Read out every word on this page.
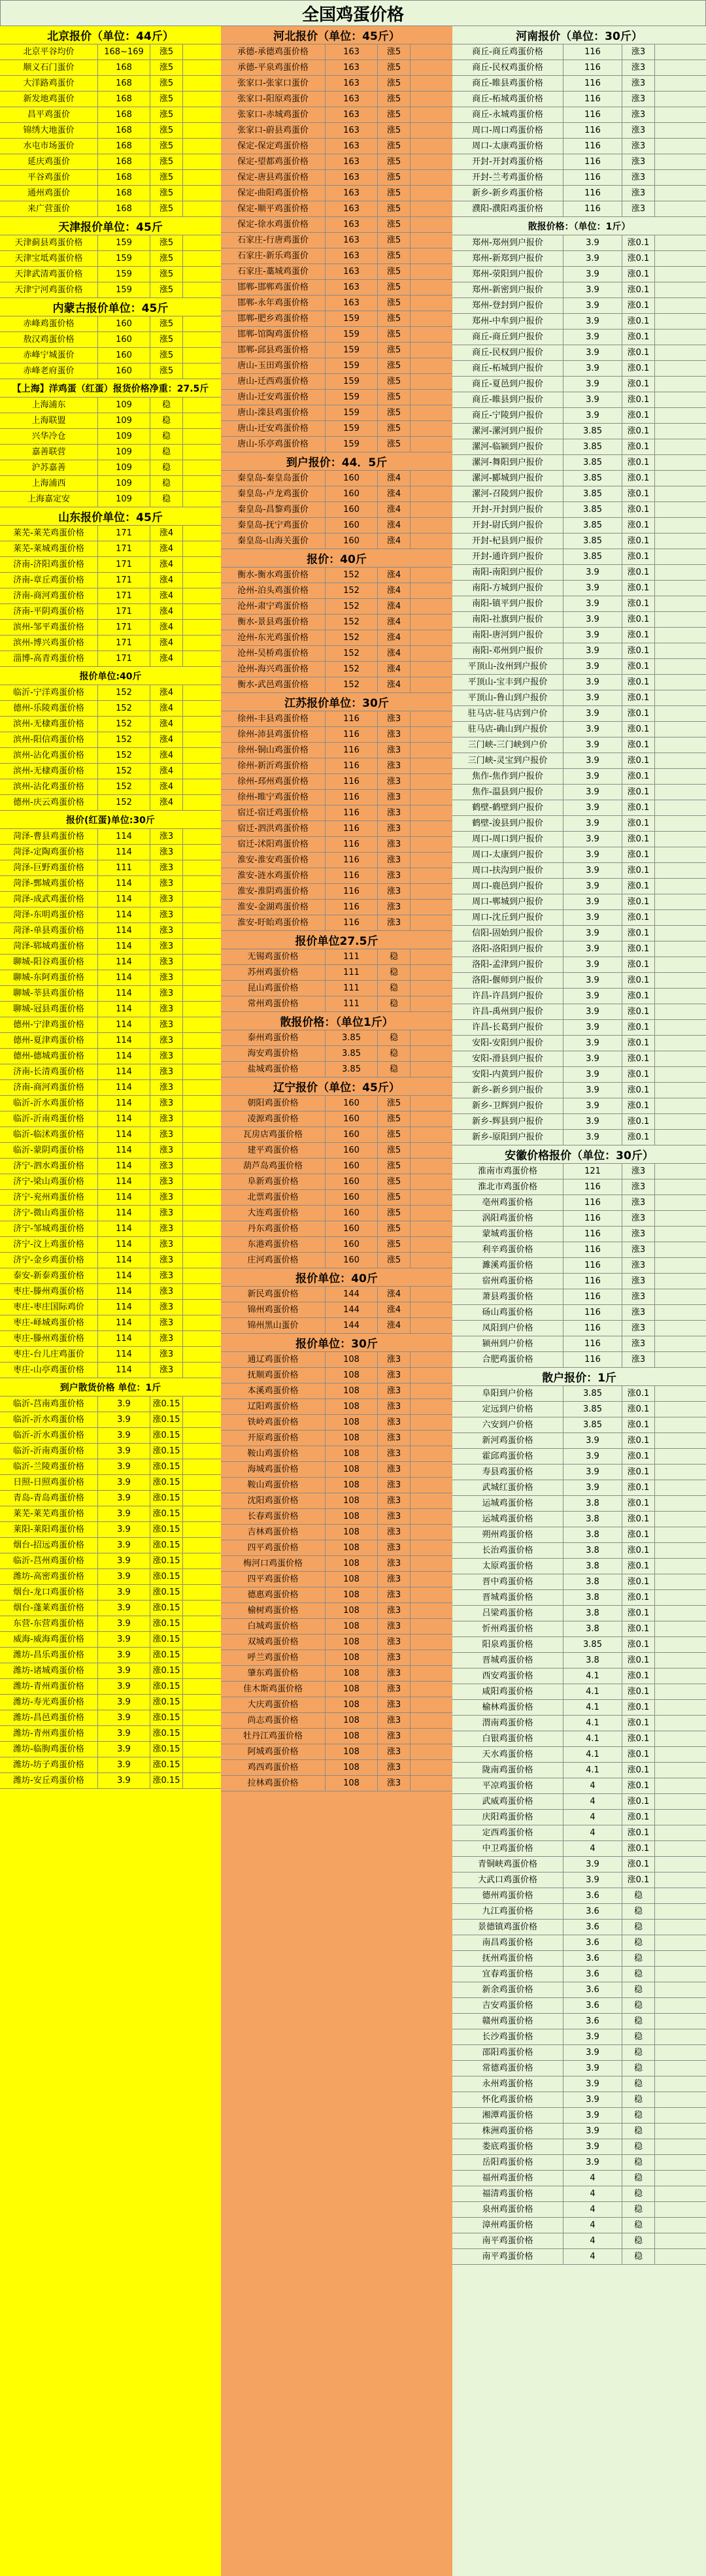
全国鸡蛋价格
北京报价（单位：44斤）
北京平谷均价	168~169	涨5
顺义石门蛋价	168	涨5
大洋路鸡蛋价	168	涨5
新发地鸡蛋价	168	涨5
昌平鸡蛋价	168	涨5
锦绣大地蛋价	168	涨5
水屯市场蛋价	168	涨5
延庆鸡蛋价	168	涨5
平谷鸡蛋价	168	涨5
通州鸡蛋价	168	涨5
来广营蛋价	168	涨5
天津报价单位：45斤
天津蓟县鸡蛋价格	159	涨5
天津宝坻鸡蛋价格	159	涨5
天津武清鸡蛋价格	159	涨5
天津宁河鸡蛋价格	159	涨5
内蒙古报价单位：45斤
赤峰鸡蛋价格	160	涨5
敖汉鸡蛋价格	160	涨5
赤峰宁城蛋价	160	涨5
赤峰老府蛋价	160	涨5
【上海】洋鸡蛋（红蛋）报货价格净重：27.5斤
上海浦东	109	稳
上海联盟	109	稳
兴华冷仓	109	稳
嘉善联营	109	稳
沪苏嘉善	109	稳
上海浦西	109	稳
上海嘉定安	109	稳
山东报价单位：45斤
莱芜-莱芜鸡蛋价格	171	涨4
莱芜-莱城鸡蛋价格	171	涨4
济南-济阳鸡蛋价格	171	涨4
济南-章丘鸡蛋价格	171	涨4
济南-商河鸡蛋价格	171	涨4
济南-平阴鸡蛋价格	171	涨4
滨州-邹平鸡蛋价格	171	涨4
滨州-博兴鸡蛋价格	171	涨4
淄博-高青鸡蛋价格	171	涨4
报价单位:40斤
临沂-宁洋鸡蛋价格	152	涨4
德州-乐陵鸡蛋价格	152	涨4
滨州-无棣鸡蛋价格	152	涨4
滨州-阳信鸡蛋价格	152	涨4
滨州-沾化鸡蛋价格	152	涨4
滨州-无棣鸡蛋价格	152	涨4
滨州-沾化鸡蛋价格	152	涨4
德州-庆云鸡蛋价格	152	涨4
报价(红蛋)单位:30斤
菏泽-曹县鸡蛋价格	114	涨3
菏泽-定陶鸡蛋价格	114	涨3
菏泽-巨野鸡蛋价格	111	涨3
菏泽-鄄城鸡蛋价格	114	涨3
菏泽-成武鸡蛋价格	114	涨3
菏泽-东明鸡蛋价格	114	涨3
菏泽-单县鸡蛋价格	114	涨3
菏泽-郓城鸡蛋价格	114	涨3
聊城-阳谷鸡蛋价格	114	涨3
聊城-东阿鸡蛋价格	114	涨3
聊城-莘县鸡蛋价格	114	涨3
聊城-冠县鸡蛋价格	114	涨3
德州-宁津鸡蛋价格	114	涨3
德州-夏津鸡蛋价格	114	涨3
德州-德城鸡蛋价格	114	涨3
济南-长清鸡蛋价格	114	涨3
济南-商河鸡蛋价格	114	涨3
临沂-沂水鸡蛋价格	114	涨3
临沂-沂南鸡蛋价格	114	涨3
临沂-临沭鸡蛋价格	114	涨3
临沂-蒙阴鸡蛋价格	114	涨3
济宁-泗水鸡蛋价格	114	涨3
济宁-梁山鸡蛋价格	114	涨3
济宁-兖州鸡蛋价格	114	涨3
济宁-微山鸡蛋价格	114	涨3
济宁-邹城鸡蛋价格	114	涨3
济宁-汶上鸡蛋价格	114	涨3
济宁-金乡鸡蛋价格	114	涨3
泰安-新泰鸡蛋价格	114	涨3
枣庄-滕州鸡蛋价格	114	涨3
枣庄-枣庄国际鸡价	114	涨3
枣庄-峄城鸡蛋价格	114	涨3
枣庄-滕州鸡蛋价格	114	涨3
枣庄-台儿庄鸡蛋价	114	涨3
枣庄-山亭鸡蛋价格	114	涨3
到户散货价格 单位：1斤
临沂-莒南鸡蛋价格	3.9	涨0.15
临沂-沂水鸡蛋价格	3.9	涨0.15
临沂-沂水鸡蛋价格	3.9	涨0.15
临沂-沂南鸡蛋价格	3.9	涨0.15
临沂-兰陵鸡蛋价格	3.9	涨0.15
日照-日照鸡蛋价格	3.9	涨0.15
青岛-青岛鸡蛋价格	3.9	涨0.15
莱芜-莱芜鸡蛋价格	3.9	涨0.15
莱阳-莱阳鸡蛋价格	3.9	涨0.15
烟台-招远鸡蛋价格	3.9	涨0.15
临沂-莒州鸡蛋价格	3.9	涨0.15
潍坊-高密鸡蛋价格	3.9	涨0.15
烟台-龙口鸡蛋价格	3.9	涨0.15
烟台-蓬莱鸡蛋价格	3.9	涨0.15
东营-东营鸡蛋价格	3.9	涨0.15
威海-威海鸡蛋价格	3.9	涨0.15
潍坊-昌乐鸡蛋价格	3.9	涨0.15
潍坊-诸城鸡蛋价格	3.9	涨0.15
潍坊-青州鸡蛋价格	3.9	涨0.15
潍坊-寿光鸡蛋价格	3.9	涨0.15
潍坊-昌邑鸡蛋价格	3.9	涨0.15
潍坊-青州鸡蛋价格	3.9	涨0.15
潍坊-临朐鸡蛋价格	3.9	涨0.15
潍坊-坊子鸡蛋价格	3.9	涨0.15
潍坊-安丘鸡蛋价格	3.9	涨0.15
河北报价（单位：45斤）
承德-承德鸡蛋价格	163	涨5
承德-平泉鸡蛋价格	163	涨5
张家口-张家口蛋价	163	涨5
张家口-阳原鸡蛋价	163	涨5
张家口-赤城鸡蛋价	163	涨5
张家口-蔚县鸡蛋价	163	涨5
保定-保定鸡蛋价格	163	涨5
保定-望都鸡蛋价格	163	涨5
保定-唐县鸡蛋价格	163	涨5
保定-曲阳鸡蛋价格	163	涨5
保定-顺平鸡蛋价格	163	涨5
保定-徐水鸡蛋价格	163	涨5
石家庄-行唐鸡蛋价	163	涨5
石家庄-新乐鸡蛋价	163	涨5
石家庄-藁城鸡蛋价	163	涨5
邯郸-邯郸鸡蛋价格	163	涨5
邯郸-永年鸡蛋价格	163	涨5
邯郸-肥乡鸡蛋价格	159	涨5
邯郸-馆陶鸡蛋价格	159	涨5
邯郸-邱县鸡蛋价格	159	涨5
唐山-玉田鸡蛋价格	159	涨5
唐山-迁西鸡蛋价格	159	涨5
唐山-迁安鸡蛋价格	159	涨5
唐山-滦县鸡蛋价格	159	涨5
唐山-迁安鸡蛋价格	159	涨5
唐山-乐亭鸡蛋价格	159	涨5
到户报价：44．5斤
秦皇岛-秦皇岛蛋价	160	涨4
秦皇岛-卢龙鸡蛋价	160	涨4
秦皇岛-昌黎鸡蛋价	160	涨4
秦皇岛-抚宁鸡蛋价	160	涨4
秦皇岛-山海关蛋价	160	涨4
报价：40斤
衡水-衡水鸡蛋价格	152	涨4
沧州-泊头鸡蛋价格	152	涨4
沧州-肃宁鸡蛋价格	152	涨4
衡水-景县鸡蛋价格	152	涨4
沧州-东光鸡蛋价格	152	涨4
沧州-吴桥鸡蛋价格	152	涨4
沧州-海兴鸡蛋价格	152	涨4
衡水-武邑鸡蛋价格	152	涨4
江苏报价单位：30斤
徐州-丰县鸡蛋价格	116	涨3
徐州-沛县鸡蛋价格	116	涨3
徐州-铜山鸡蛋价格	116	涨3
徐州-新沂鸡蛋价格	116	涨3
徐州-邳州鸡蛋价格	116	涨3
徐州-睢宁鸡蛋价格	116	涨3
宿迁-宿迁鸡蛋价格	116	涨3
宿迁-泗洪鸡蛋价格	116	涨3
宿迁-沭阳鸡蛋价格	116	涨3
淮安-淮安鸡蛋价格	116	涨3
淮安-涟水鸡蛋价格	116	涨3
淮安-淮阴鸡蛋价格	116	涨3
淮安-金湖鸡蛋价格	116	涨3
淮安-盱眙鸡蛋价格	116	涨3
报价单位27.5斤
无锡鸡蛋价格	111	稳
苏州鸡蛋价格	111	稳
昆山鸡蛋价格	111	稳
常州鸡蛋价格	111	稳
散报价格：（单位1斤）
泰州鸡蛋价格	3.85	稳
海安鸡蛋价格	3.85	稳
盐城鸡蛋价格	3.85	稳
辽宁报价（单位：45斤）
朝阳鸡蛋价格	160	涨5
凌源鸡蛋价格	160	涨5
瓦房店鸡蛋价格	160	涨5
建平鸡蛋价格	160	涨5
葫芦岛鸡蛋价格	160	涨5
阜新鸡蛋价格	160	涨5
北票鸡蛋价格	160	涨5
大连鸡蛋价格	160	涨5
丹东鸡蛋价格	160	涨5
东港鸡蛋价格	160	涨5
庄河鸡蛋价格	160	涨5
报价单位：40斤
新民鸡蛋价格	144	涨4
锦州鸡蛋价格	144	涨4
锦州黑山蛋价	144	涨4
报价单位：30斤
通辽鸡蛋价格	108	涨3
抚顺鸡蛋价格	108	涨3
本溪鸡蛋价格	108	涨3
辽阳鸡蛋价格	108	涨3
铁岭鸡蛋价格	108	涨3
开原鸡蛋价格	108	涨3
鞍山鸡蛋价格	108	涨3
海城鸡蛋价格	108	涨3
鞍山鸡蛋价格	108	涨3
沈阳鸡蛋价格	108	涨3
长春鸡蛋价格	108	涨3
吉林鸡蛋价格	108	涨3
四平鸡蛋价格	108	涨3
梅河口鸡蛋价格	108	涨3
四平鸡蛋价格	108	涨3
德惠鸡蛋价格	108	涨3
榆树鸡蛋价格	108	涨3
白城鸡蛋价格	108	涨3
双城鸡蛋价格	108	涨3
呼兰鸡蛋价格	108	涨3
肇东鸡蛋价格	108	涨3
佳木斯鸡蛋价格	108	涨3
大庆鸡蛋价格	108	涨3
尚志鸡蛋价格	108	涨3
牡丹江鸡蛋价格	108	涨3
阿城鸡蛋价格	108	涨3
鸡西鸡蛋价格	108	涨3
拉林鸡蛋价格	108	涨3
河南报价（单位：30斤）
商丘-商丘鸡蛋价格	116	涨3
商丘-民权鸡蛋价格	116	涨3
商丘-睢县鸡蛋价格	116	涨3
商丘-柘城鸡蛋价格	116	涨3
商丘-永城鸡蛋价格	116	涨3
周口-周口鸡蛋价格	116	涨3
周口-太康鸡蛋价格	116	涨3
开封-开封鸡蛋价格	116	涨3
开封-兰考鸡蛋价格	116	涨3
新乡-新乡鸡蛋价格	116	涨3
濮阳-濮阳鸡蛋价格	116	涨3
散报价格：（单位：1斤）
郑州-郑州到户报价	3.9	涨0.1
郑州-新郑到户报价	3.9	涨0.1
郑州-荥阳到户报价	3.9	涨0.1
郑州-新密到户报价	3.9	涨0.1
郑州-登封到户报价	3.9	涨0.1
郑州-中牟到户报价	3.9	涨0.1
商丘-商丘到户报价	3.9	涨0.1
商丘-民权到户报价	3.9	涨0.1
商丘-柘城到户报价	3.9	涨0.1
商丘-夏邑到户报价	3.9	涨0.1
商丘-睢县到户报价	3.9	涨0.1
商丘-宁陵到户报价	3.9	涨0.1
漯河-漯河到户报价	3.85	涨0.1
漯河-临颍到户报价	3.85	涨0.1
漯河-舞阳到户报价	3.85	涨0.1
漯河-郾城到户报价	3.85	涨0.1
漯河-召陵到户报价	3.85	涨0.1
开封-开封到户报价	3.85	涨0.1
开封-尉氏到户报价	3.85	涨0.1
开封-杞县到户报价	3.85	涨0.1
开封-通许到户报价	3.85	涨0.1
南阳-南阳到户报价	3.9	涨0.1
南阳-方城到户报价	3.9	涨0.1
南阳-镇平到户报价	3.9	涨0.1
南阳-社旗到户报价	3.9	涨0.1
南阳-唐河到户报价	3.9	涨0.1
南阳-邓州到户报价	3.9	涨0.1
平顶山-汝州到户报价	3.9	涨0.1
平顶山-宝丰到户报价	3.9	涨0.1
平顶山-鲁山到户报价	3.9	涨0.1
驻马店-驻马店到户价	3.9	涨0.1
驻马店-确山到户报价	3.9	涨0.1
三门峡-三门峡到户价	3.9	涨0.1
三门峡-灵宝到户报价	3.9	涨0.1
焦作-焦作到户报价	3.9	涨0.1
焦作-温县到户报价	3.9	涨0.1
鹤壁-鹤壁到户报价	3.9	涨0.1
鹤壁-浚县到户报价	3.9	涨0.1
周口-周口到户报价	3.9	涨0.1
周口-太康到户报价	3.9	涨0.1
周口-扶沟到户报价	3.9	涨0.1
周口-鹿邑到户报价	3.9	涨0.1
周口-郸城到户报价	3.9	涨0.1
周口-沈丘到户报价	3.9	涨0.1
信阳-固始到户报价	3.9	涨0.1
洛阳-洛阳到户报价	3.9	涨0.1
洛阳-孟津到户报价	3.9	涨0.1
洛阳-偃师到户报价	3.9	涨0.1
许昌-许昌到户报价	3.9	涨0.1
许昌-禹州到户报价	3.9	涨0.1
许昌-长葛到户报价	3.9	涨0.1
安阳-安阳到户报价	3.9	涨0.1
安阳-滑县到户报价	3.9	涨0.1
安阳-内黄到户报价	3.9	涨0.1
新乡-新乡到户报价	3.9	涨0.1
新乡-卫辉到户报价	3.9	涨0.1
新乡-辉县到户报价	3.9	涨0.1
新乡-原阳到户报价	3.9	涨0.1
安徽价格报价（单位：30斤）
淮南市鸡蛋价格	121	涨3
淮北市鸡蛋价格	116	涨3
亳州鸡蛋价格	116	涨3
涡阳鸡蛋价格	116	涨3
蒙城鸡蛋价格	116	涨3
利辛鸡蛋价格	116	涨3
濉溪鸡蛋价格	116	涨3
宿州鸡蛋价格	116	涨3
萧县鸡蛋价格	116	涨3
砀山鸡蛋价格	116	涨3
凤阳到户价格	116	涨3
颍州到户价格	116	涨3
合肥鸡蛋价格	116	涨3
散户报价：1斤
阜阳到户价格	3.85	涨0.1
定远到户价格	3.85	涨0.1
六安到户价格	3.85	涨0.1
新河鸡蛋价格	3.9	涨0.1
霍邱鸡蛋价格	3.9	涨0.1
寿县鸡蛋价格	3.9	涨0.1
武城红蛋价格	3.9	涨0.1
运城鸡蛋价格	3.8	涨0.1
运城鸡蛋价格	3.8	涨0.1
朔州鸡蛋价格	3.8	涨0.1
长治鸡蛋价格	3.8	涨0.1
太原鸡蛋价格	3.8	涨0.1
晋中鸡蛋价格	3.8	涨0.1
晋城鸡蛋价格	3.8	涨0.1
吕梁鸡蛋价格	3.8	涨0.1
忻州鸡蛋价格	3.8	涨0.1
阳泉鸡蛋价格	3.85	涨0.1
晋城鸡蛋价格	3.8	涨0.1
西安鸡蛋价格	4.1	涨0.1
咸阳鸡蛋价格	4.1	涨0.1
榆林鸡蛋价格	4.1	涨0.1
渭南鸡蛋价格	4.1	涨0.1
白银鸡蛋价格	4.1	涨0.1
天水鸡蛋价格	4.1	涨0.1
陇南鸡蛋价格	4.1	涨0.1
平凉鸡蛋价格	4	涨0.1
武威鸡蛋价格	4	涨0.1
庆阳鸡蛋价格	4	涨0.1
定西鸡蛋价格	4	涨0.1
中卫鸡蛋价格	4	涨0.1
青铜峡鸡蛋价格	3.9	涨0.1
大武口鸡蛋价格	3.9	涨0.1
德州鸡蛋价格	3.6	稳
九江鸡蛋价格	3.6	稳
景德镇鸡蛋价格	3.6	稳
南昌鸡蛋价格	3.6	稳
抚州鸡蛋价格	3.6	稳
宜春鸡蛋价格	3.6	稳
新余鸡蛋价格	3.6	稳
吉安鸡蛋价格	3.6	稳
赣州鸡蛋价格	3.6	稳
长沙鸡蛋价格	3.9	稳
邵阳鸡蛋价格	3.9	稳
常德鸡蛋价格	3.9	稳
永州鸡蛋价格	3.9	稳
怀化鸡蛋价格	3.9	稳
湘潭鸡蛋价格	3.9	稳
株洲鸡蛋价格	3.9	稳
娄底鸡蛋价格	3.9	稳
岳阳鸡蛋价格	3.9	稳
福州鸡蛋价格	4	稳
福清鸡蛋价格	4	稳
泉州鸡蛋价格	4	稳
漳州鸡蛋价格	4	稳
南平鸡蛋价格	4	稳
南平鸡蛋价格	4	稳
